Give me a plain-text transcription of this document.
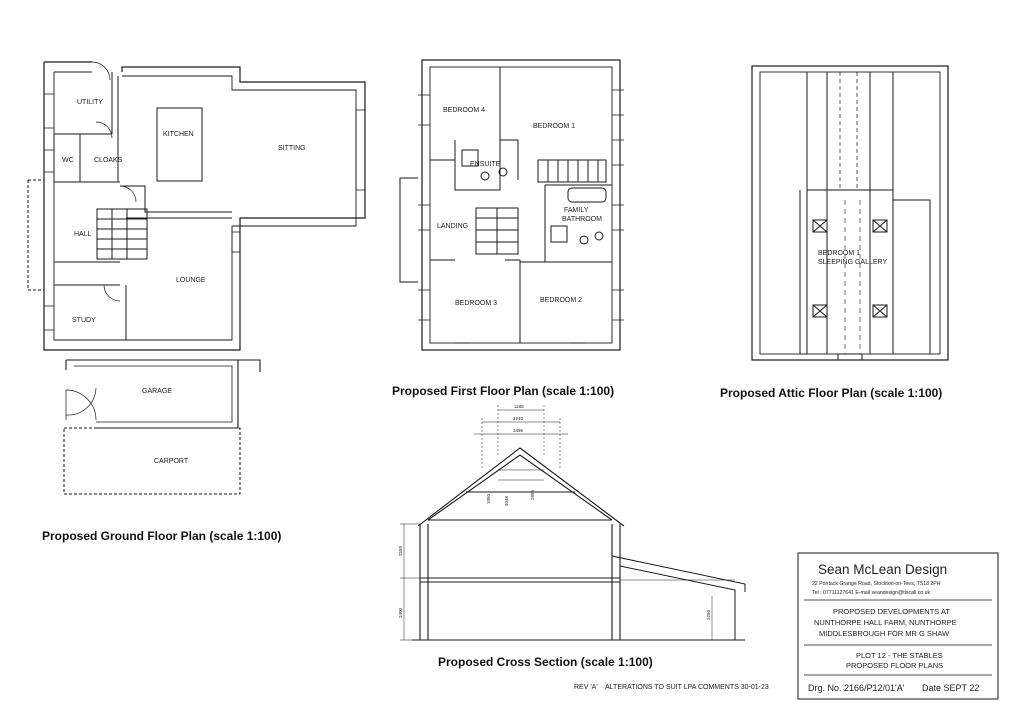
UTILITY
KITCHEN
SITTING
WC	CLOAKS
HALL
LOUNGE
STUDY
GARAGE
CARPORT
Proposed Ground Floor Plan (scale 1:100)
BEDROOM 4
BEDROOM 1
ENSUITE
FAMILY
BATHROOM
LANDING
BEDROOM 3	BEDROOM 2
Proposed First Floor Plan (scale 1:100)
BEDROOM 1
SLEEPING GALLERY
Proposed Attic Floor Plan (scale 1:100)
1188
3240
3456
1050	4048
2895
2550
2400	2250
Proposed Cross Section (scale 1:100)
REV 'A' ALTERATIONS TO SUIT LPA COMMENTS 30-01-23
Sean McLean Design
22 Pontack Grange Road, Stockton-on-Tees, TS18 2PH
Tel : 07711127641 E-mail seandesign@tiscali.co.uk
PROPOSED DEVELOPMENTS AT
NUNTHORPE HALL FARM, NUNTHORPE
MIDDLESBROUGH FOR MR G SHAW
PLOT 12 - THE STABLES
PROPOSED FLOOR PLANS
Drg. No. 2166/P12/01'A' Date SEPT 22
